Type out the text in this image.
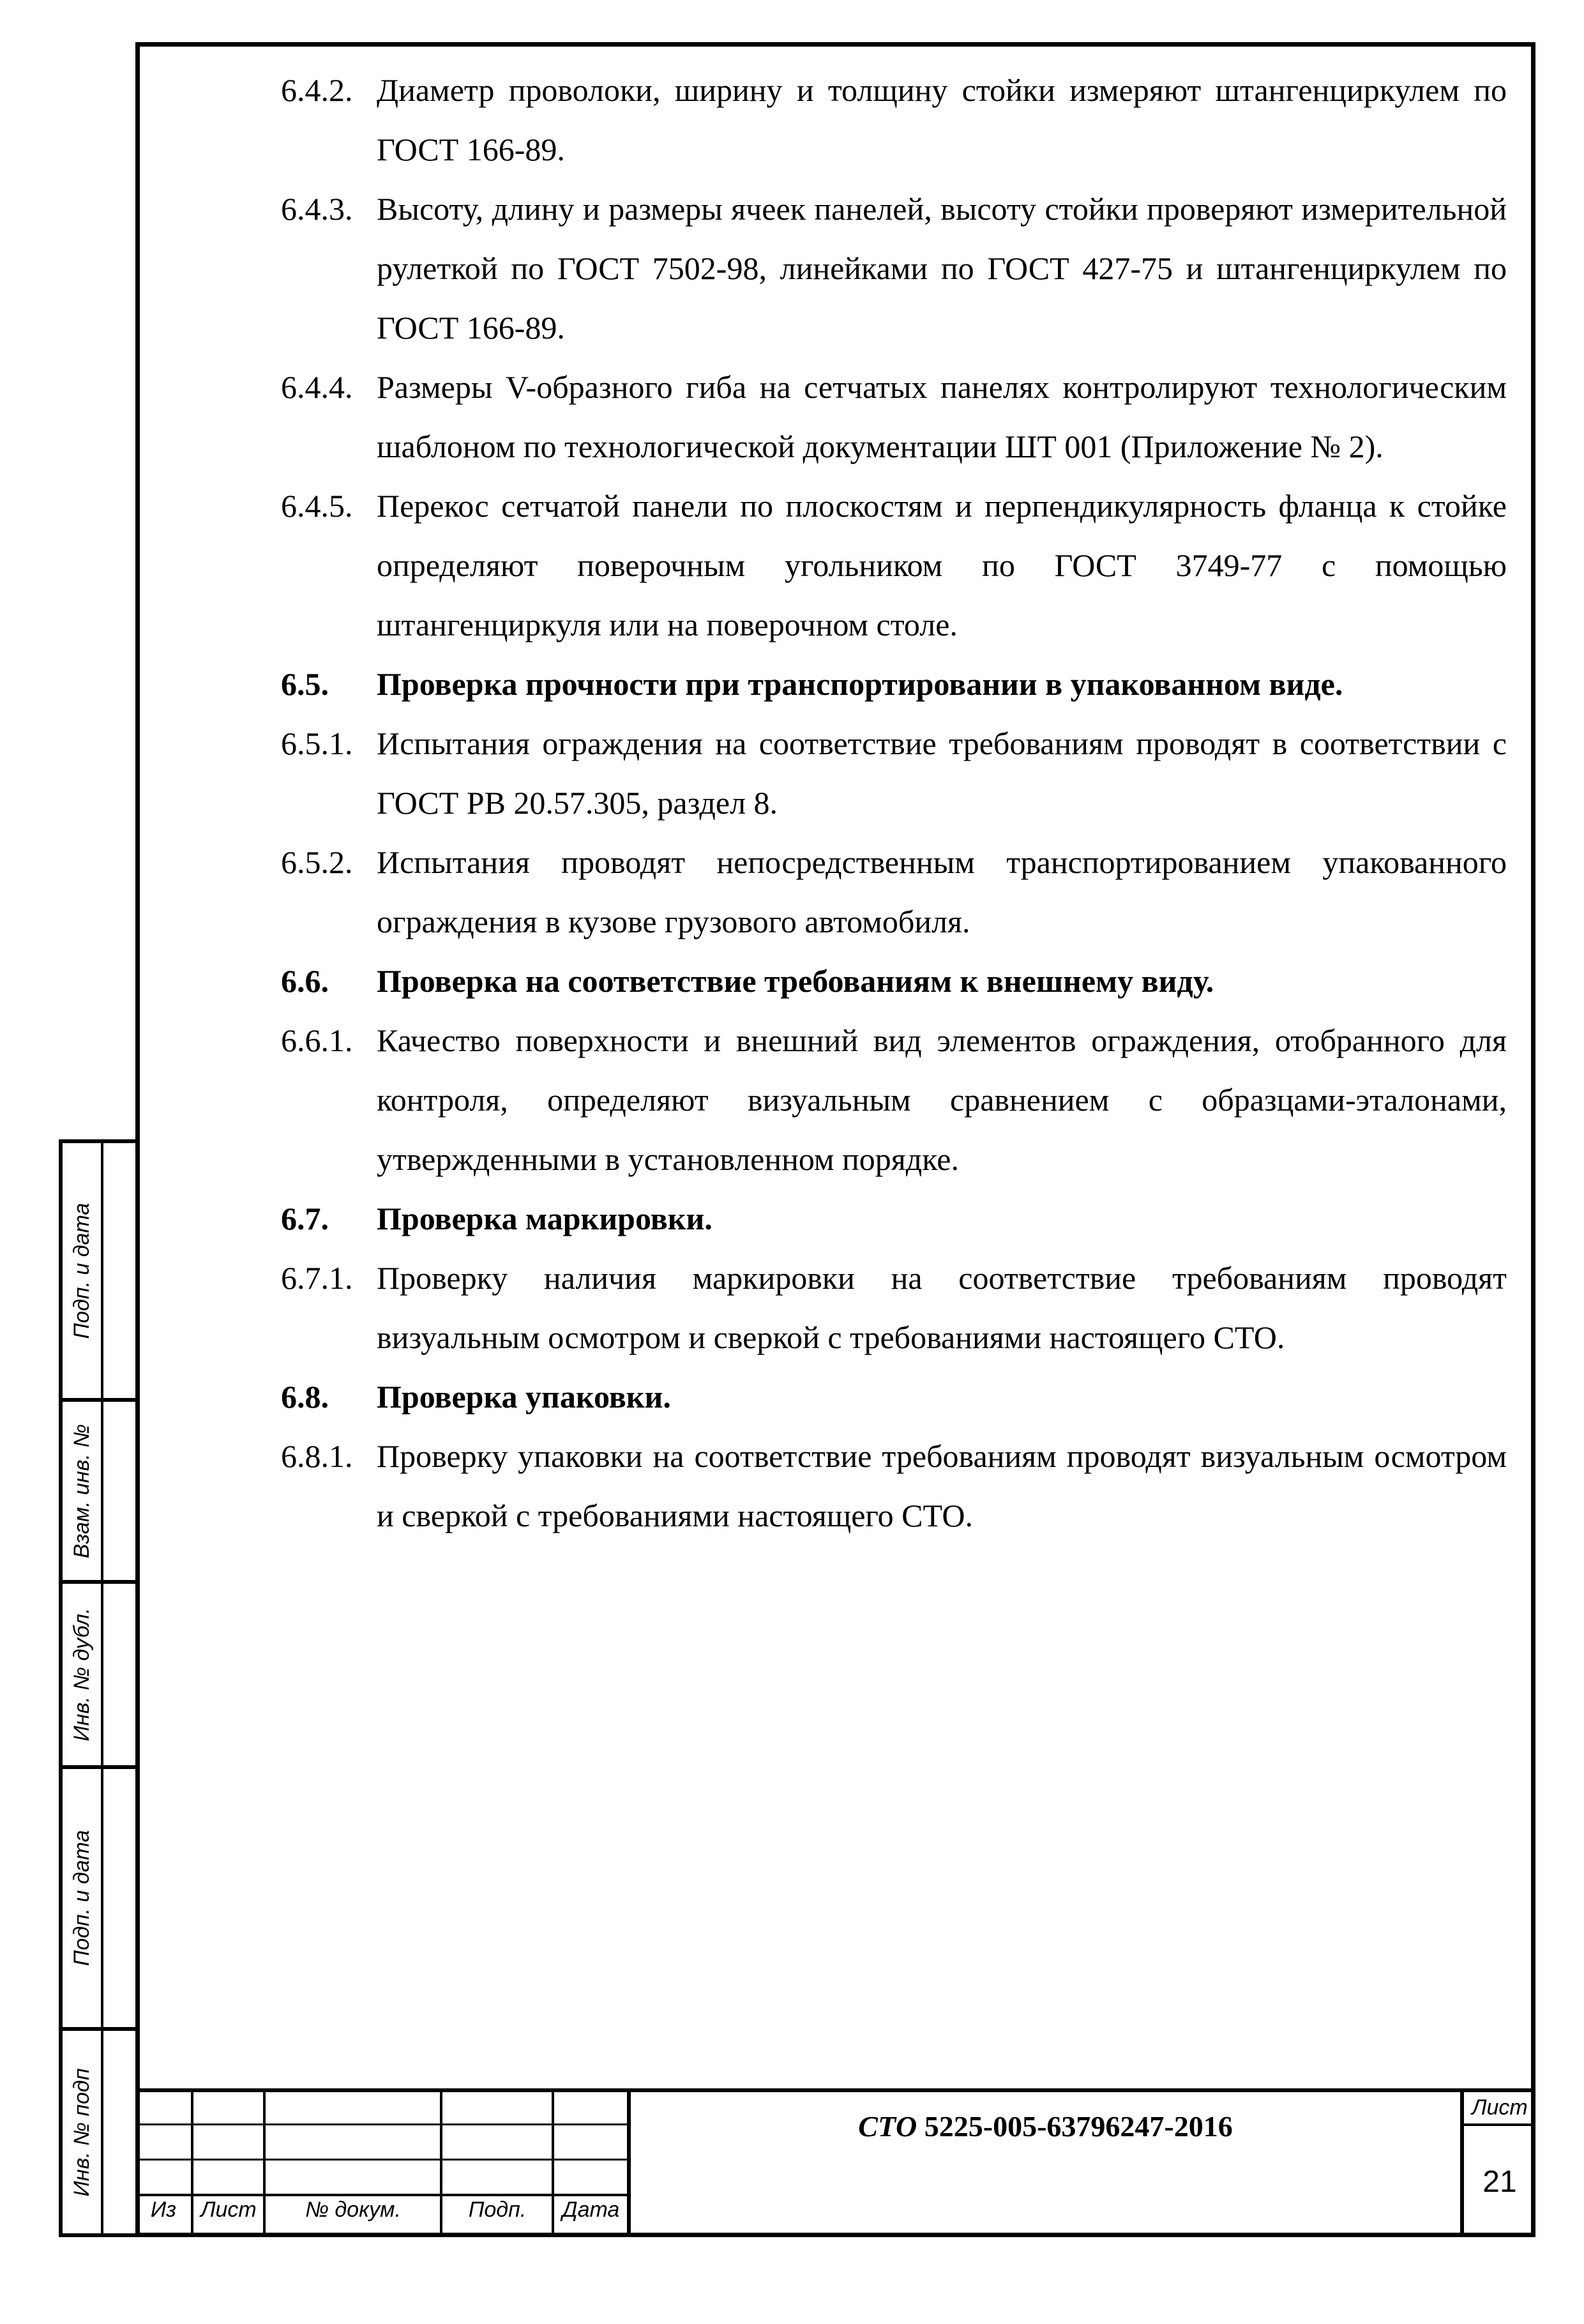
6.4.2. Диаметр проволоки, ширину и толщину стойки измеряют штангенциркулем по ГОСТ 166-89.
6.4.3. Высоту, длину и размеры ячеек панелей, высоту стойки проверяют измерительной рулеткой по ГОСТ 7502-98, линейками по ГОСТ 427-75 и штангенциркулем по ГОСТ 166-89.
6.4.4. Размеры V-образного гиба на сетчатых панелях контролируют технологическим шаблоном по технологической документации ШТ 001 (Приложение № 2).
6.4.5. Перекос сетчатой панели по плоскостям и перпендикулярность фланца к стойке определяют поверочным угольником по ГОСТ 3749-77 с помощью штангенциркуля или на поверочном столе.
6.5.	Проверка прочности при транспортировании в упакованном виде.
6.5.1. Испытания ограждения на соответствие требованиям проводят в соответствии с ГОСТ РВ 20.57.305, раздел 8.
6.5.2. Испытания проводят непосредственным транспортированием упакованного ограждения в кузове грузового автомобиля.
6.6.	Проверка на соответствие требованиям к внешнему виду.
6.6.1. Качество поверхности и внешний вид элементов ограждения, отобранного для контроля, определяют визуальным сравнением с образцами-эталонами, утвержденными в установленном порядке.
6.7.	Проверка маркировки.
6.7.1. Проверку наличия маркировки на соответствие требованиям проводят визуальным осмотром и сверкой с требованиями настоящего СТО.
6.8.	Проверка упаковки.
6.8.1. Проверку упаковки на соответствие требованиям проводят визуальным осмотром и сверкой с требованиями настоящего СТО.
Подп. и дата
Взам. инв. №
Инв. № дубл.
Подп. и дата
Инв. № подп
Из	Лист	№ докум.	Подп.	Дата
СТО 5225-005-63796247-2016
Лист
21
